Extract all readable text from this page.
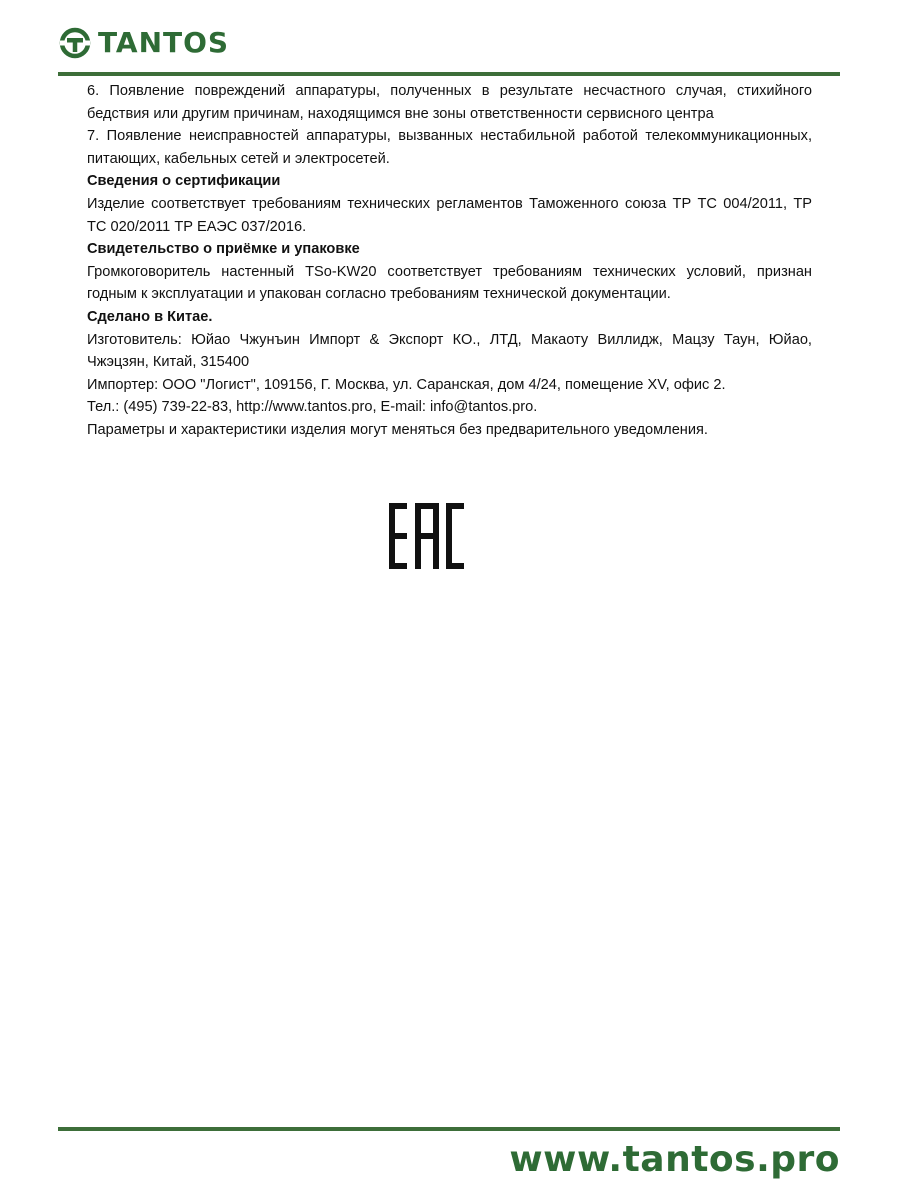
TANTOS

6. Появление повреждений аппаратуры, полученных в результате несчастного случая, стихийного бедствия или другим причинам, находящимся вне зоны ответственности сервисного центра

7. Появление неисправностей аппаратуры, вызванных нестабильной работой телекоммуникационных, питающих, кабельных сетей и электросетей.

Сведения о сертификации

Изделие соответствует требованиям технических регламентов Таможенного союза ТР ТС 004/2011, ТР ТС 020/2011 ТР ЕАЭС 037/2016.

Свидетельство о приёмке и упаковке

Громкоговоритель настенный TSo-KW20 соответствует требованиям технических условий, признан годным к эксплуатации и упакован согласно требованиям технической документации.

Сделано в Китае.

Изготовитель: Юйао Чжунъин Импорт & Экспорт КО., ЛТД, Макаоту Виллидж, Мацзу Таун, Юйао, Чжэцзян, Китай, 315400

Импортер: ООО "Логист", 109156, Г. Москва, ул. Саранская, дом 4/24, помещение XV, офис 2.

Тел.: (495) 739-22-83, http://www.tantos.pro, E-mail: info@tantos.pro.

Параметры и характеристики изделия могут меняться без предварительного уведомления.

www.tantos.pro
